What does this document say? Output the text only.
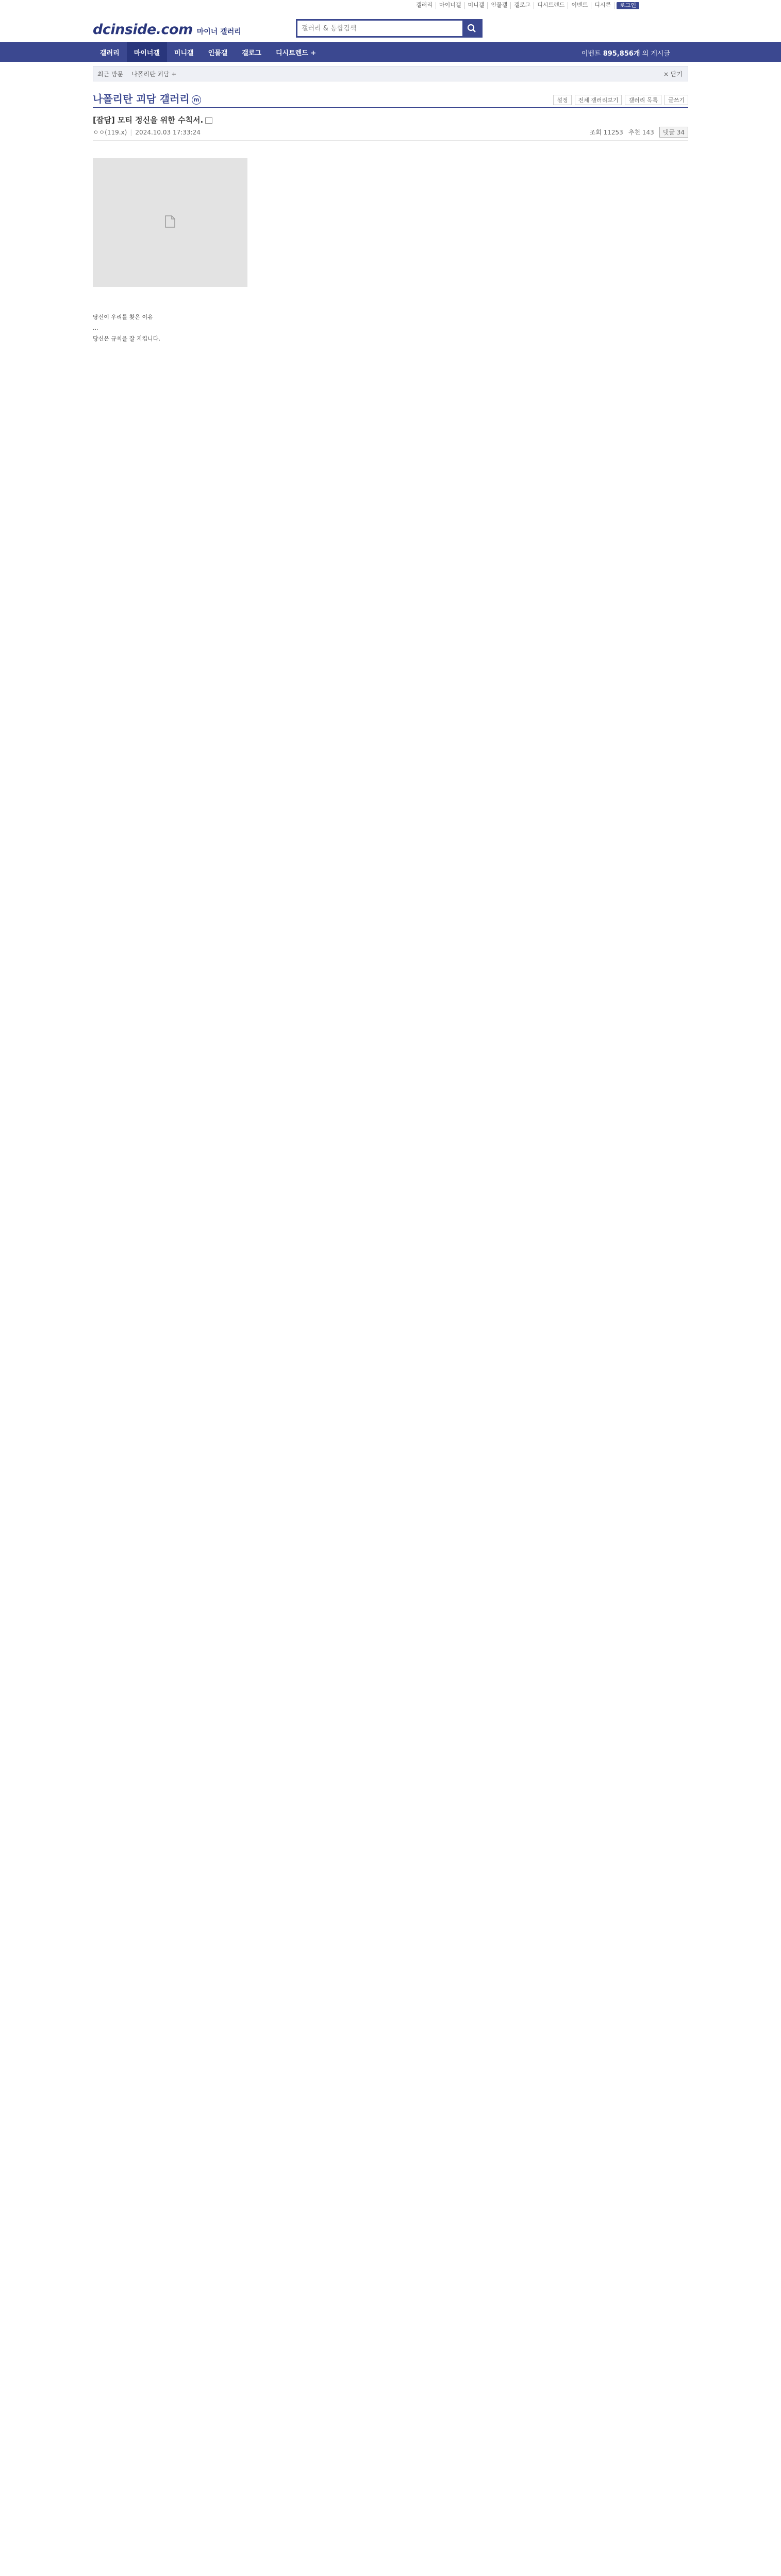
갤러리	마이너갤	미니갤	인물갤	갤로그	디시트렌드	이벤트	디시콘	로그인
dcinside.com 마이너 갤러리
갤러리 & 통합검색
갤러리	마이너갤	미니갤	인물갤	갤로그	디시트렌드 +	이벤트 895,856개 의 게시글
최근 방문	나폴리탄 괴담 +	× 닫기
나폴리탄 괴담 갤러리 m	설정	전체 갤러리보기	갤러리 목록	글쓰기
[잡담] 모티 정신을 위한 수칙서.
ㅇㅇ(119.x) | 2024.10.03 17:33:24	조회 11253 추천 143	댓글 34

당신이 우리를 찾은 이유

...

당신은 규칙을 잘 지킵니다.
